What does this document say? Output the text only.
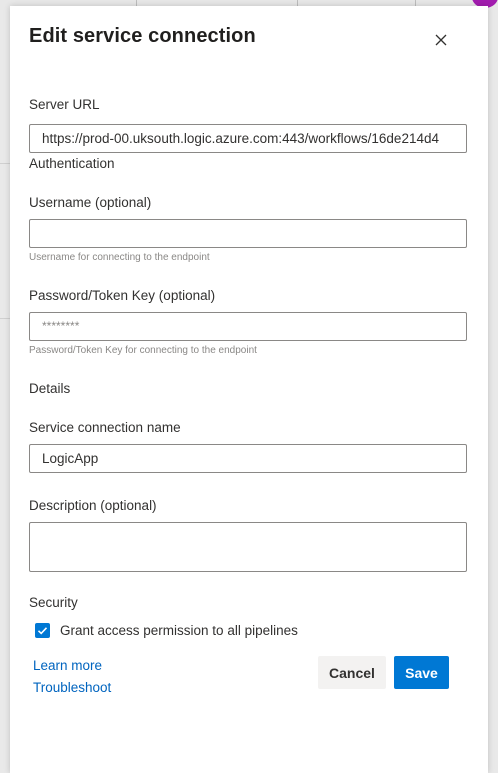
Edit service connection
Server URL
https://prod-00.uksouth.logic.azure.com:443/workflows/16de214d4
Authentication
Username (optional)
Username for connecting to the endpoint
Password/Token Key (optional)
********
Password/Token Key for connecting to the endpoint
Details
Service connection name
LogicApp
Description (optional)
Security
Grant access permission to all pipelines
Learn more
Troubleshoot
Cancel	Save
